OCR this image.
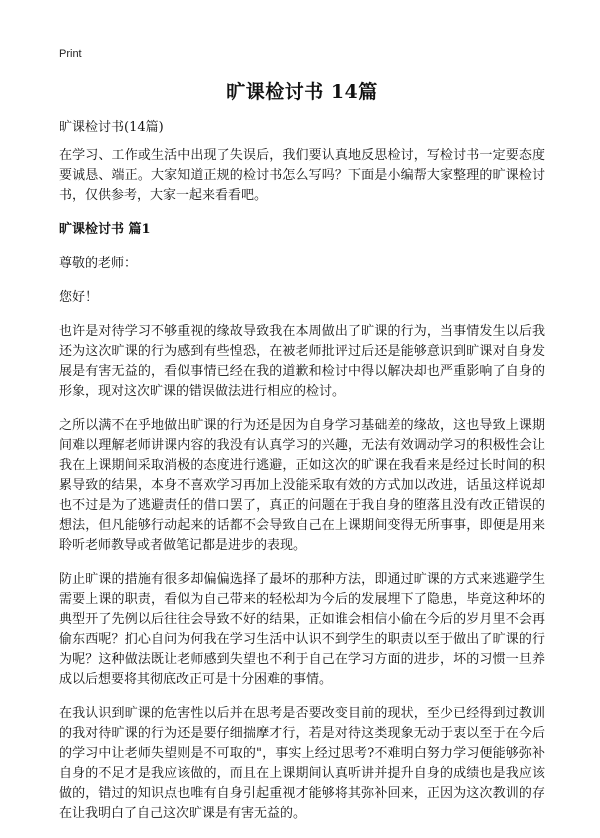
Print
旷课检讨书 14篇
旷课检讨书(14篇)

在学习、工作或生活中出现了失误后，我们要认真地反思检讨，写检讨书一定要态度要诚恳、端正。大家知道正规的检讨书怎么写吗？下面是小编帮大家整理的旷课检讨书，仅供参考，大家一起来看看吧。

旷课检讨书 篇1

尊敬的老师：

您好！

也许是对待学习不够重视的缘故导致我在本周做出了旷课的行为，当事情发生以后我还为这次旷课的行为感到有些惶恐，在被老师批评过后还是能够意识到旷课对自身发展是有害无益的，看似事情已经在我的道歉和检讨中得以解决却也严重影响了自身的形象，现对这次旷课的错误做法进行相应的检讨。

之所以满不在乎地做出旷课的行为还是因为自身学习基础差的缘故，这也导致上课期间难以理解老师讲课内容的我没有认真学习的兴趣，无法有效调动学习的积极性会让我在上课期间采取消极的态度进行逃避，正如这次的旷课在我看来是经过长时间的积累导致的结果，本身不喜欢学习再加上没能采取有效的方式加以改进，话虽这样说却也不过是为了逃避责任的借口罢了，真正的问题在于我自身的堕落且没有改正错误的想法，但凡能够行动起来的话都不会导致自己在上课期间变得无所事事，即便是用来聆听老师教导或者做笔记都是进步的表现。

防止旷课的措施有很多却偏偏选择了最坏的那种方法，即通过旷课的方式来逃避学生需要上课的职责，看似为自己带来的轻松却为今后的发展埋下了隐患，毕竟这种坏的典型开了先例以后往往会导致不好的结果，正如谁会相信小偷在今后的岁月里不会再偷东西呢？扪心自问为何我在学习生活中认识不到学生的职责以至于做出了旷课的行为呢？这种做法既让老师感到失望也不利于自己在学习方面的进步，坏的习惯一旦养成以后想要将其彻底改正可是十分困难的事情。

在我认识到旷课的危害性以后并在思考是否要改变目前的现状，至少已经得到过教训的我对待旷课的行为还是要仔细揣摩才行，若是对待这类现象无动于衷以至于在今后的学习中让老师失望则是不可取的"，事实上经过思考?不难明白努力学习便能够弥补自身的不足才是我应该做的，而且在上课期间认真听讲并提升自身的成绩也是我应该做的，错过的知识点也唯有自身引起重视才能够将其弥补回来，正因为这次教训的存在让我明白了自己这次旷课是有害无益的。
